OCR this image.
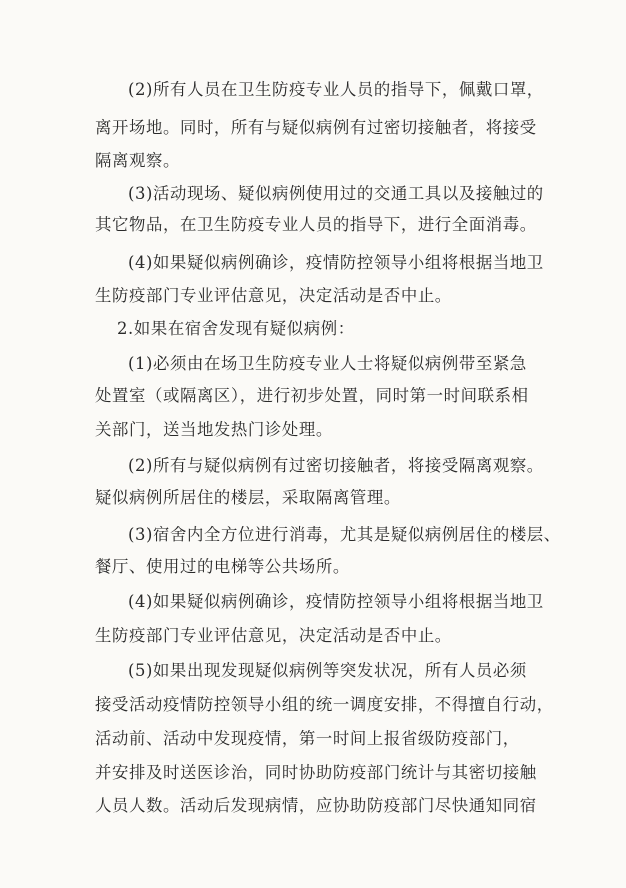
(2)所有人员在卫生防疫专业人员的指导下，佩戴口罩，
离开场地。同时，所有与疑似病例有过密切接触者，将接受
隔离观察。
(3)活动现场、疑似病例使用过的交通工具以及接触过的
其它物品，在卫生防疫专业人员的指导下，进行全面消毒。
(4)如果疑似病例确诊，疫情防控领导小组将根据当地卫
生防疫部门专业评估意见，决定活动是否中止。
2.如果在宿舍发现有疑似病例：
(1)必须由在场卫生防疫专业人士将疑似病例带至紧急
处置室（或隔离区），进行初步处置，同时第一时间联系相
关部门，送当地发热门诊处理。
(2)所有与疑似病例有过密切接触者，将接受隔离观察。
疑似病例所居住的楼层，采取隔离管理。
(3)宿舍内全方位进行消毒，尤其是疑似病例居住的楼层、
餐厅、使用过的电梯等公共场所。
(4)如果疑似病例确诊，疫情防控领导小组将根据当地卫
生防疫部门专业评估意见，决定活动是否中止。
(5)如果出现发现疑似病例等突发状况，所有人员必须
接受活动疫情防控领导小组的统一调度安排，不得擅自行动，
活动前、活动中发现疫情，第一时间上报省级防疫部门，
并安排及时送医诊治，同时协助防疫部门统计与其密切接触
人员人数。活动后发现病情，应协助防疫部门尽快通知同宿
